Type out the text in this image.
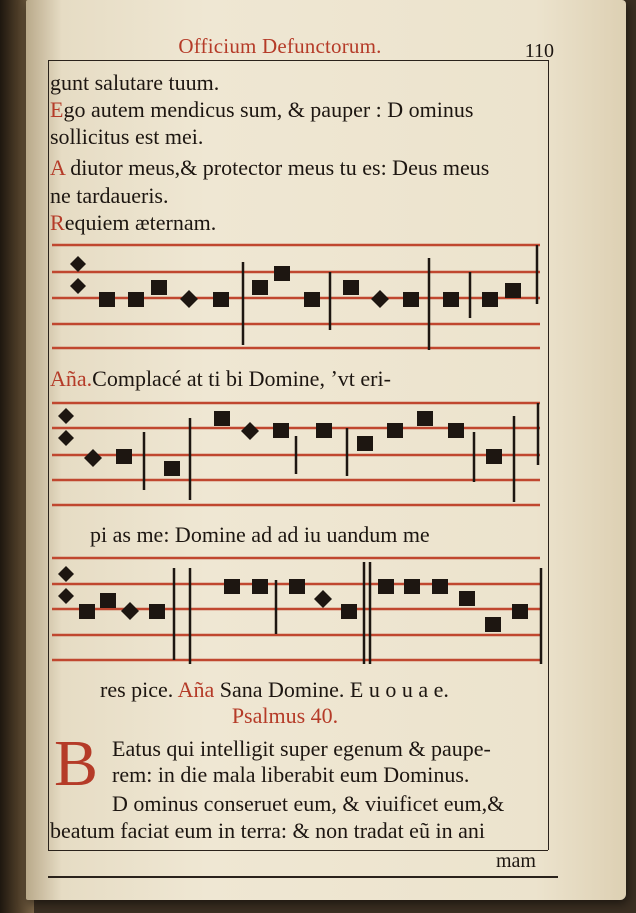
Officium Defunctorum.	110
gunt salutare tuum.
Ego autem mendicus sum, & pauper : D ominus
sollicitus est mei.
A diutor meus,& protector meus tu es: Deus meus
ne tardaueris.
Requiem æternam.
Aña.Complacé at ti bi Domine, ʼvt eri-
pi as me: Domine ad ad iu uandum me
res pice. Aña Sana Domine. E u o u a e.
Psalmus 40.
B Eatus qui intelligit super egenum & paupe-
rem: in die mala liberabit eum Dominus.
D ominus conseruet eum, & viuificet eum,&
beatum faciat eum in terra: & non tradat eũ in ani
mam
